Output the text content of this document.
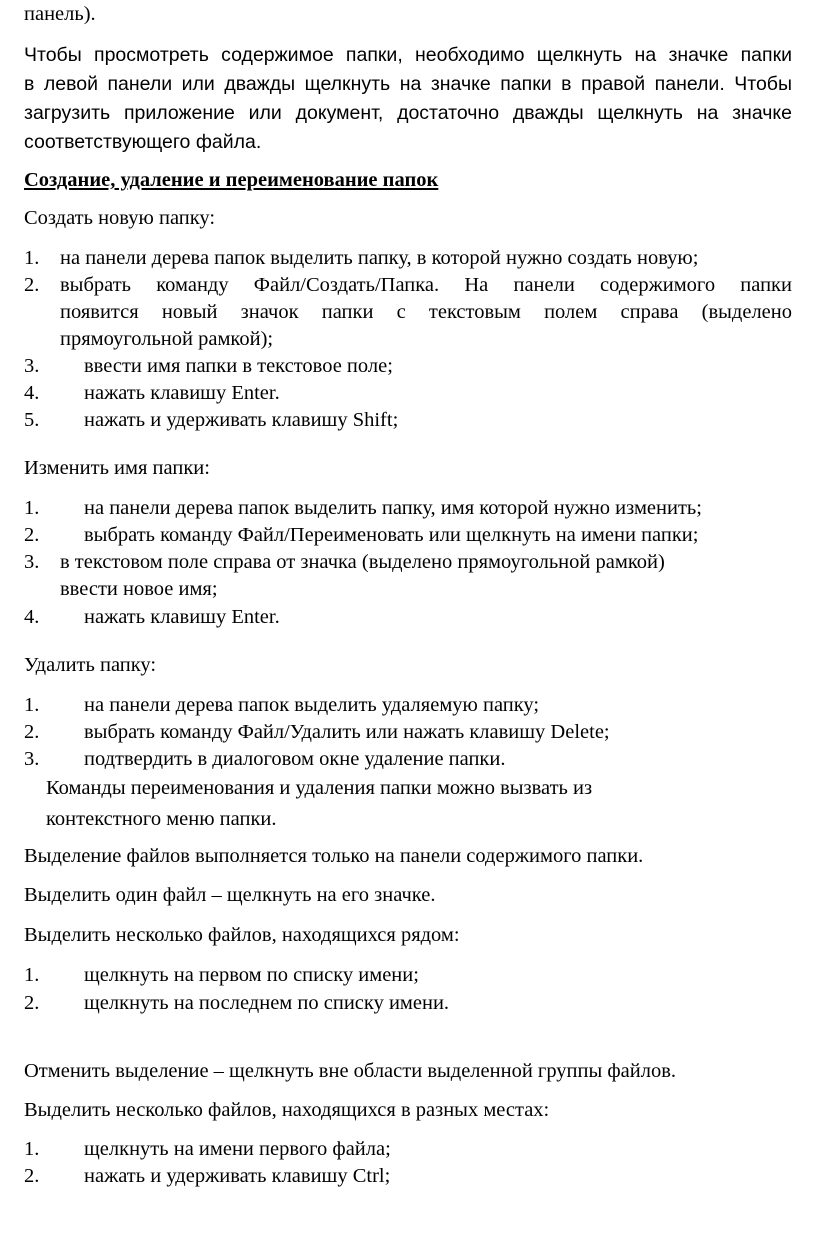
панель).
Чтобы просмотреть содержимое папки, необходимо щелкнуть на значке папки
в левой панели или дважды щелкнуть на значке папки в правой панели. Чтобы
загрузить приложение или документ, достаточно дважды щелкнуть на значке
соответствующего файла.
Создание, удаление и переименование папок
Создать новую папку:
1. на панели дерева папок выделить папку, в которой нужно создать новую;
2. выбрать команду Файл/Создать/Папка. На панели содержимого папки
появится новый значок папки с текстовым полем справа (выделено
прямоугольной рамкой);
3. ввести имя папки в текстовое поле;
4. нажать клавишу Enter.
5. нажать и удерживать клавишу Shift;
Изменить имя папки:
1. на панели дерева папок выделить папку, имя которой нужно изменить;
2. выбрать команду Файл/Переименовать или щелкнуть на имени папки;
3. в текстовом поле справа от значка (выделено прямоугольной рамкой)
ввести новое имя;
4. нажать клавишу Enter.
Удалить папку:
1. на панели дерева папок выделить удаляемую папку;
2. выбрать команду Файл/Удалить или нажать клавишу Delete;
3. подтвердить в диалоговом окне удаление папки.
Команды переименования и удаления папки можно вызвать из
контекстного меню папки.
Выделение файлов выполняется только на панели содержимого папки.
Выделить один файл – щелкнуть на его значке.
Выделить несколько файлов, находящихся рядом:
1. щелкнуть на первом по списку имени;
2. щелкнуть на последнем по списку имени.
Отменить выделение – щелкнуть вне области выделенной группы файлов.
Выделить несколько файлов, находящихся в разных местах:
1. щелкнуть на имени первого файла;
2. нажать и удерживать клавишу Ctrl;
